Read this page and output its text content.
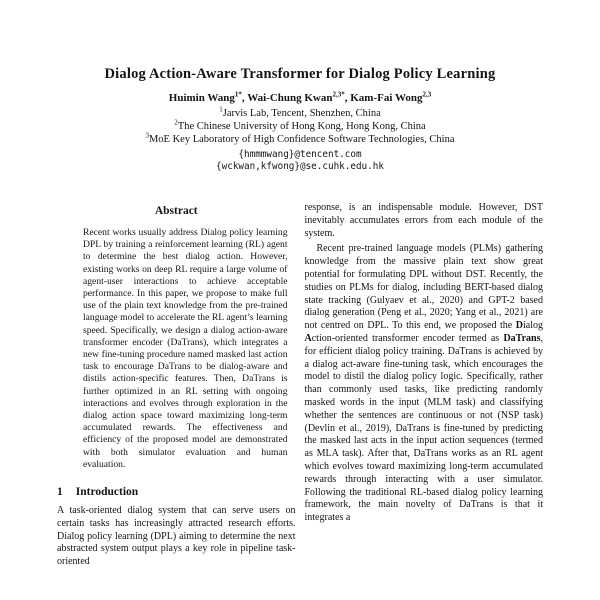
Dialog Action-Aware Transformer for Dialog Policy Learning
Huimin Wang$^{1*}$, Wai-Chung Kwan$^{2,3*}$, Kam-Fai Wong$^{2,3}$
$^1$Jarvis Lab, Tencent, Shenzhen, China
$^2$The Chinese University of Hong Kong, Hong Kong, China
$^3$MoE Key Laboratory of High Confidence Software Technologies, China
{hmmmwang}@tencent.com
{wckwan,kfwong}@se.cuhk.edu.hk
Abstract
Recent works usually address Dialog policy learning DPL by training a reinforcement learning (RL) agent to determine the best dialog action. However, existing works on deep RL require a large volume of agent-user interactions to achieve acceptable performance. In this paper, we propose to make full use of the plain text knowledge from the pre-trained language model to accelerate the RL agent’s learning speed. Specifically, we design a dialog action-aware transformer encoder (DaTrans), which integrates a new fine-tuning procedure named masked last action task to encourage DaTrans to be dialog-aware and distils action-specific features. Then, DaTrans is further optimized in an RL setting with ongoing interactions and evolves through exploration in the dialog action space toward maximizing long-term accumulated rewards. The effectiveness and efficiency of the proposed model are demonstrated with both simulator evaluation and human evaluation.
1 Introduction

A task-oriented dialog system that can serve users on certain tasks has increasingly attracted research efforts. Dialog policy learning (DPL) aiming to determine the next abstracted system output plays a key role in pipeline task-oriented

response, is an indispensable module. However, DST inevitably accumulates errors from each module of the system.

Recent pre-trained language models (PLMs) gathering knowledge from the massive plain text show great potential for formulating DPL without DST. Recently, the studies on PLMs for dialog, including BERT-based dialog state tracking (Gulyaev et al., 2020) and GPT-2 based dialog generation (Peng et al., 2020; Yang et al., 2021) are not centred on DPL. To this end, we proposed the Dialog Action-oriented transformer encoder termed as DaTrans, for efficient dialog policy training. DaTrans is achieved by a dialog act-aware fine-tuning task, which encourages the model to distil the dialog policy logic. Specifically, rather than commonly used tasks, like predicting randomly masked words in the input (MLM task) and classifying whether the sentences are continuous or not (NSP task) (Devlin et al., 2019), DaTrans is fine-tuned by predicting the masked last acts in the input action sequences (termed as MLA task). After that, DaTrans works as an RL agent which evolves toward maximizing long-term accumulated rewards through interacting with a user simulator. Following the traditional RL-based dialog policy learning framework, the main novelty of DaTrans is that it integrates a
